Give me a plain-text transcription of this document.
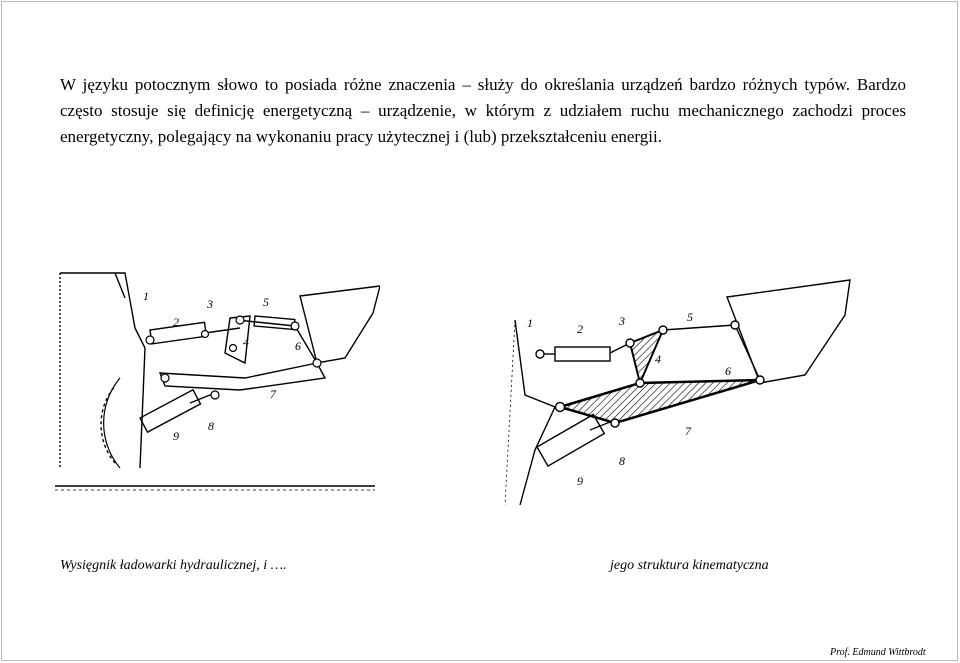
W języku potocznym słowo to posiada różne znaczenia – służy do określania urządzeń bardzo różnych typów. Bardzo często stosuje się definicję energetyczną – urządzenie, w którym z udziałem ruchu mechanicznego zachodzi proces energetyczny, polegający na wykonaniu pracy użytecznej i (lub) przekształceniu energii.

1
2
3
4
5
6
7
8
9
1	2
3
4
5
6
7
8
9
Wysięgnik ładowarki hydraulicznej, i ….	jego struktura kinematyczna
Prof. Edmund Wittbrodt
